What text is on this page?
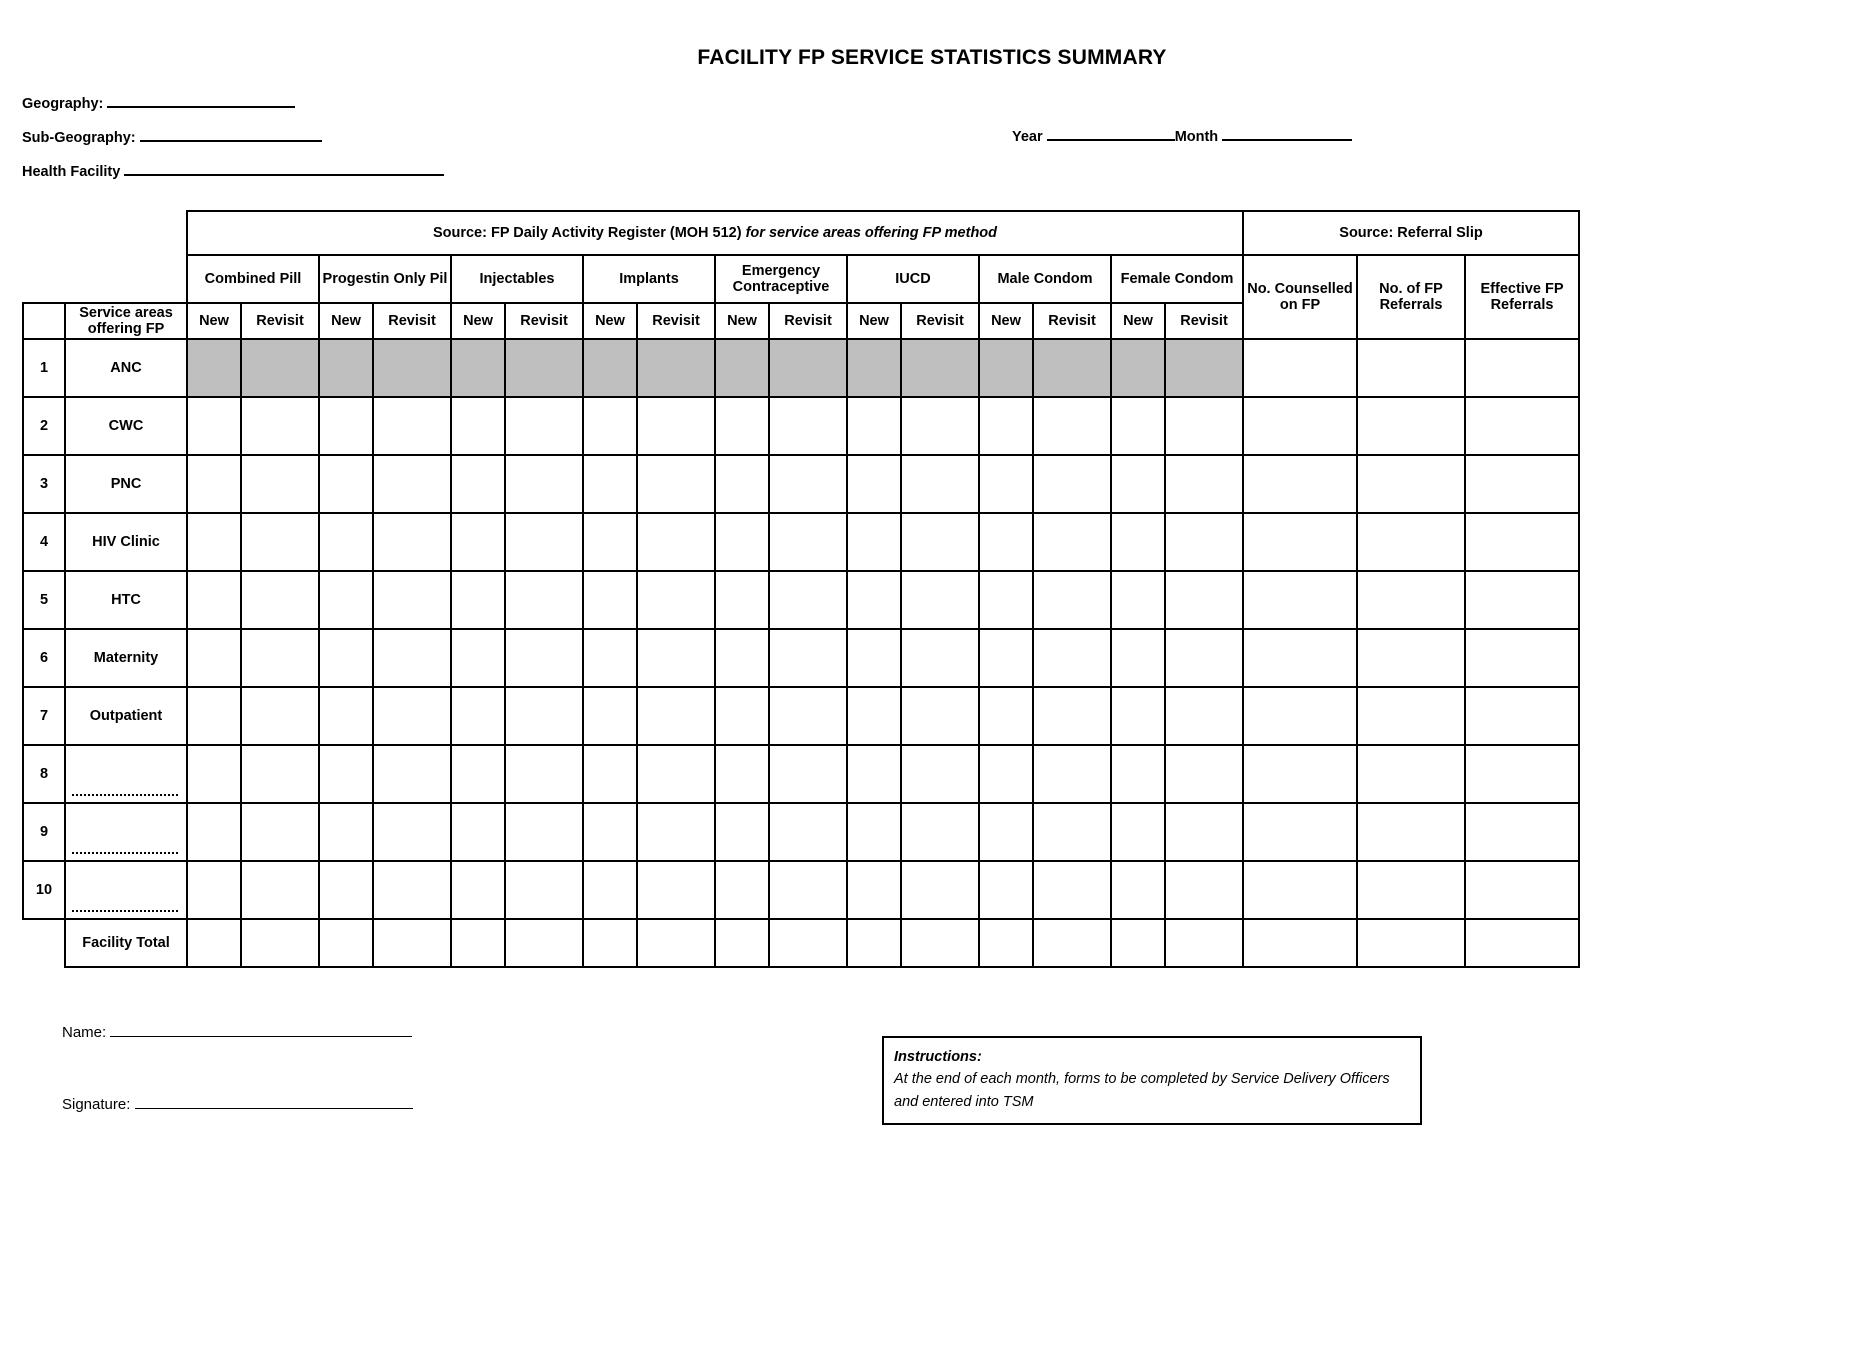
FACILITY FP SERVICE STATISTICS SUMMARY
Geography:
Sub-Geography:
Health Facility
Year	Month
		Source: FP Daily Activity Register (MOH 512) for service areas offering FP method																Source: Referral Slip		
		Combined Pill		Progestin Only Pil		Injectables		Implants		Emergency Contraceptive		IUCD		Male Condom		Female Condom		No. Counselled on FP	No. of FP Referrals	Effective FP Referrals
	Service areas offering FP	New	Revisit	New	Revisit	New	Revisit	New	Revisit	New	Revisit	New	Revisit	New	Revisit	New	Revisit			
1	ANC																			
2	CWC																			
3	PNC																			
4	HIV Clinic																			
5	HTC																			
6	Maternity																			
7	Outpatient																			
8																				
9																				
10																				
	Facility Total																			
Name:
Signature:
Instructions:
At the end of each month, forms to be completed by Service Delivery Officers and entered into TSM
